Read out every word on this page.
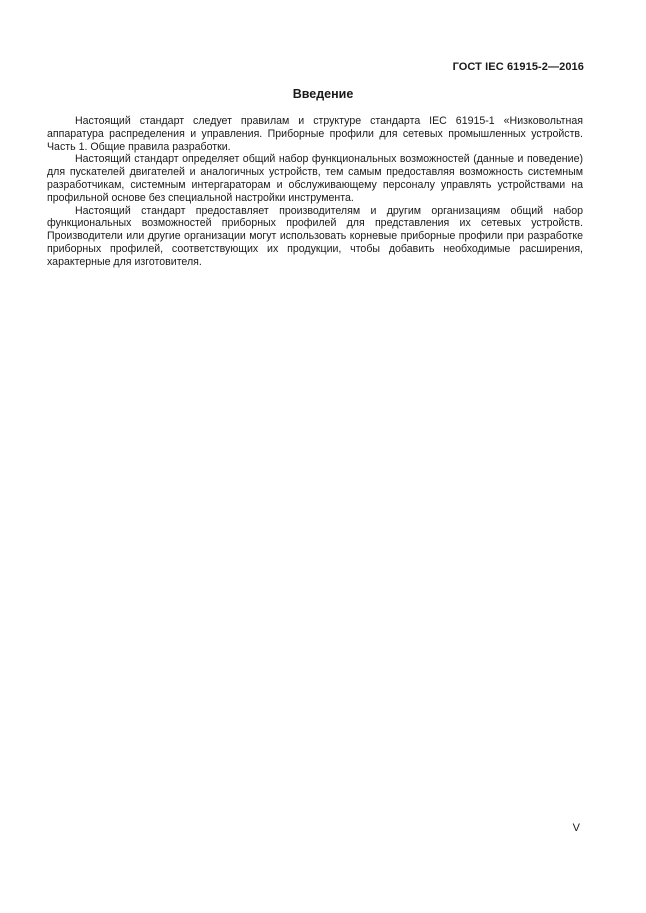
ГОСТ IEC 61915-2—2016
Введение

Настоящий стандарт следует правилам и структуре стандарта IEC 61915-1 «Низковольтная аппаратура распределения и управления. Приборные профили для сетевых промышленных устройств. Часть 1. Общие правила разработки.

Настоящий стандарт определяет общий набор функциональных возможностей (данные и поведение) для пускателей двигателей и аналогичных устройств, тем самым предоставляя возможность системным разработчикам, системным интергараторам и обслуживающему персоналу управлять устройствами на профильной основе без специальной настройки инструмента.

Настоящий стандарт предоставляет производителям и другим организациям общий набор функциональных возможностей приборных профилей для представления их сетевых устройств. Производители или другие организации могут использовать корневые приборные профили при разработке приборных профилей, соответствующих их продукции, чтобы добавить необходимые расширения, характерные для изготовителя.

V
